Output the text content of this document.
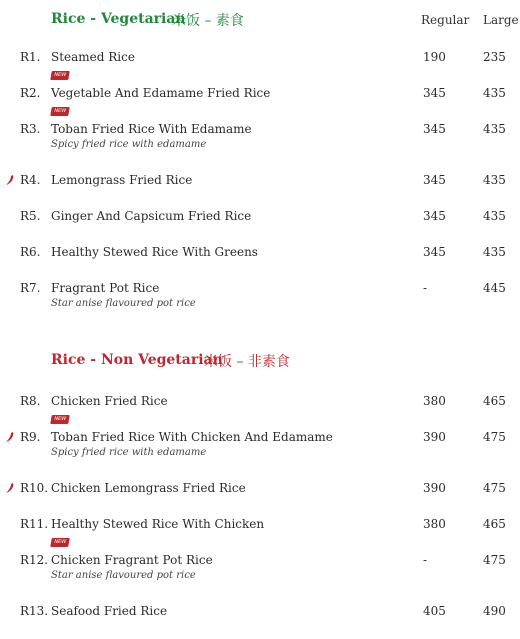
Rice - Vegetarian
米饭 – 素食	Regular Large
R1. Steamed Rice	190	235
NEW
R2. Vegetable And Edamame Fried Rice	345	435
NEW
R3. Toban Fried Rice With Edamame
Spicy fried rice with edamame
345	435
R4. Lemongrass Fried Rice	345	435
R5. Ginger And Capsicum Fried Rice	345	435
R6. Healthy Stewed Rice With Greens	345	435
R7. Fragrant Pot Rice
Star anise flavoured pot rice
-	445
Rice - Non Vegetarian
米饭 – 非素食
R8. Chicken Fried Rice	380	465
NEW
R9. Toban Fried Rice With Chicken And Edamame
Spicy fried rice with edamame
390	475
R10. Chicken Lemongrass Fried Rice	390	475
R11. Healthy Stewed Rice With Chicken	380	465
NEW
R12. Chicken Fragrant Pot Rice
Star anise flavoured pot rice
-	475
R13. Seafood Fried Rice	405	490
